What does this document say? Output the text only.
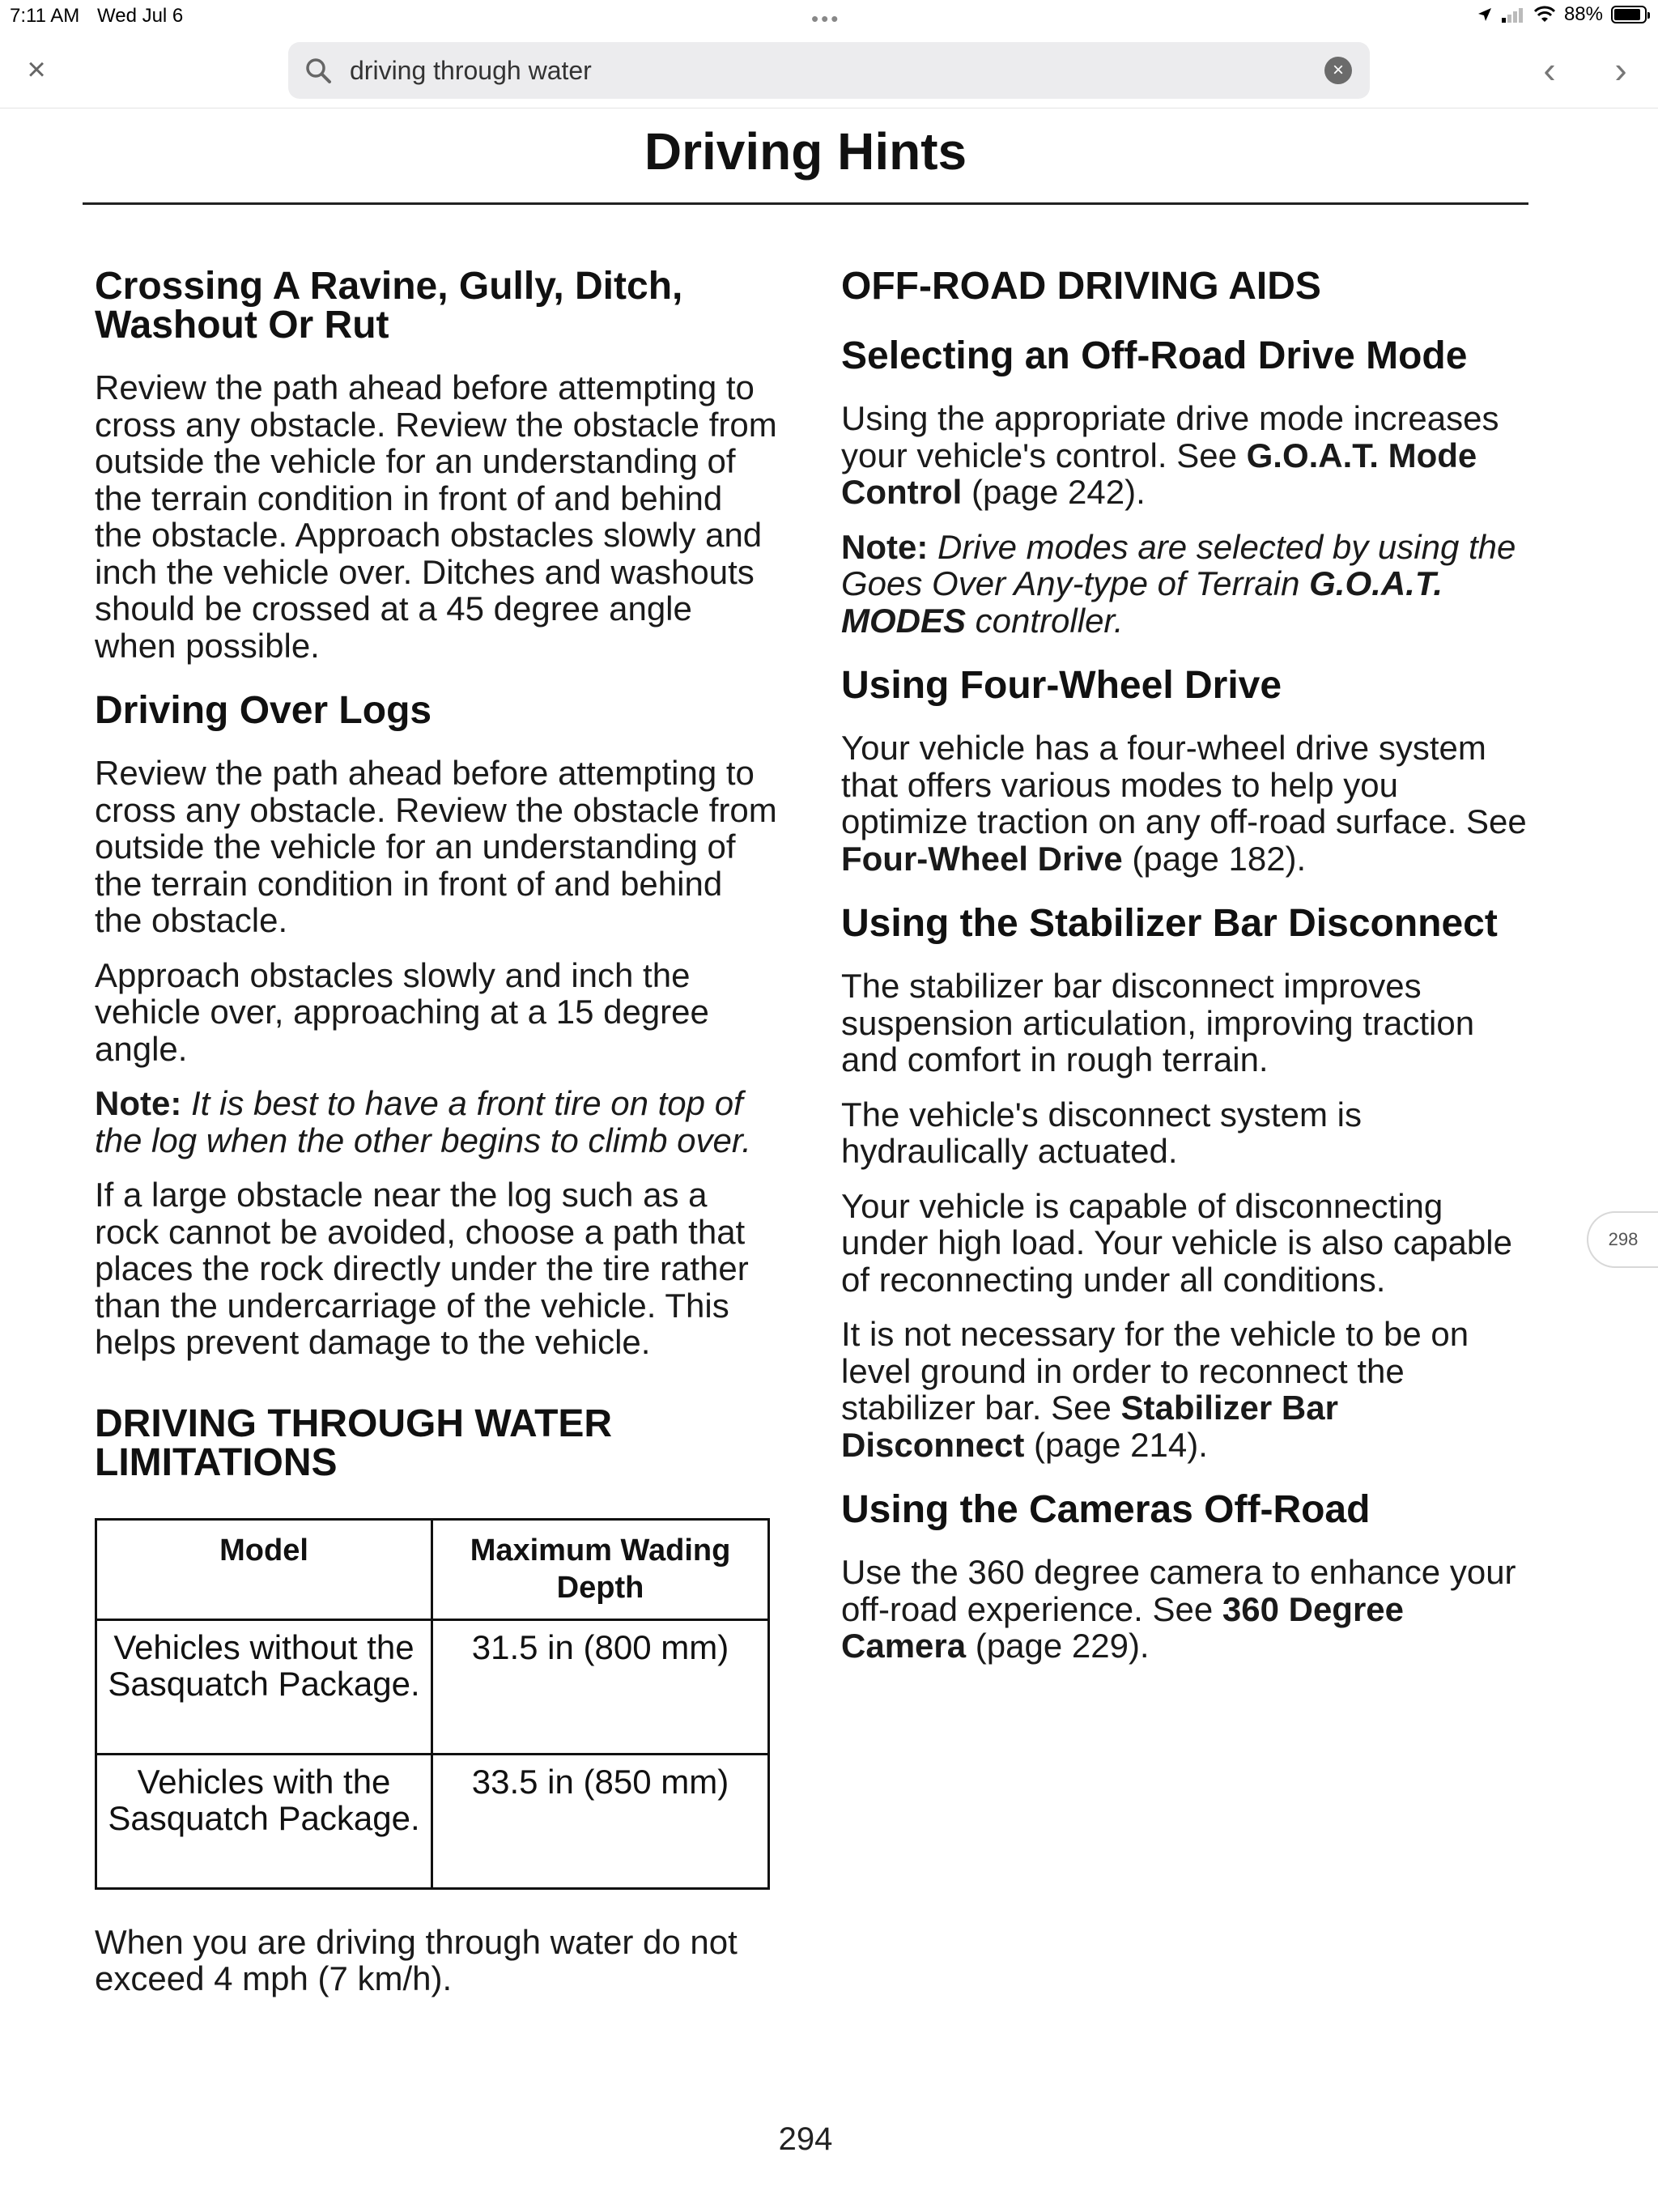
7:11 AM Wed Jul 6	•••	88%
×	driving through water	×	‹	›
Driving Hints
Crossing A Ravine, Gully, Ditch, Washout Or Rut

Review the path ahead before attempting to cross any obstacle. Review the obstacle from outside the vehicle for an understanding of the terrain condition in front of and behind the obstacle. Approach obstacles slowly and inch the vehicle over. Ditches and washouts should be crossed at a 45 degree angle when possible.

Driving Over Logs

Review the path ahead before attempting to cross any obstacle. Review the obstacle from outside the vehicle for an understanding of the terrain condition in front of and behind the obstacle.

Approach obstacles slowly and inch the vehicle over, approaching at a 15 degree angle.

Note: It is best to have a front tire on top of the log when the other begins to climb over.

If a large obstacle near the log such as a rock cannot be avoided, choose a path that places the rock directly under the tire rather than the undercarriage of the vehicle. This helps prevent damage to the vehicle.

DRIVING THROUGH WATER LIMITATIONS
Model	Maximum Wading Depth
Vehicles without the Sasquatch Package.	31.5 in (800 mm)
Vehicles with the Sasquatch Package.	33.5 in (850 mm)

When you are driving through water do not exceed 4 mph (7 km/h).

OFF-ROAD DRIVING AIDS
Selecting an Off-Road Drive Mode

Using the appropriate drive mode increases your vehicle's control. See G.O.A.T. Mode Control (page 242).

Note: Drive modes are selected by using the Goes Over Any-type of Terrain G.O.A.T. MODES controller.

Using Four-Wheel Drive

Your vehicle has a four-wheel drive system that offers various modes to help you optimize traction on any off-road surface. See Four-Wheel Drive (page 182).

Using the Stabilizer Bar Disconnect

The stabilizer bar disconnect improves suspension articulation, improving traction and comfort in rough terrain.

The vehicle's disconnect system is hydraulically actuated.

Your vehicle is capable of disconnecting under high load. Your vehicle is also capable of reconnecting under all conditions.

It is not necessary for the vehicle to be on level ground in order to reconnect the stabilizer bar. See Stabilizer Bar Disconnect (page 214).

Using the Cameras Off-Road

Use the 360 degree camera to enhance your off-road experience. See 360 Degree Camera (page 229).

298
294
